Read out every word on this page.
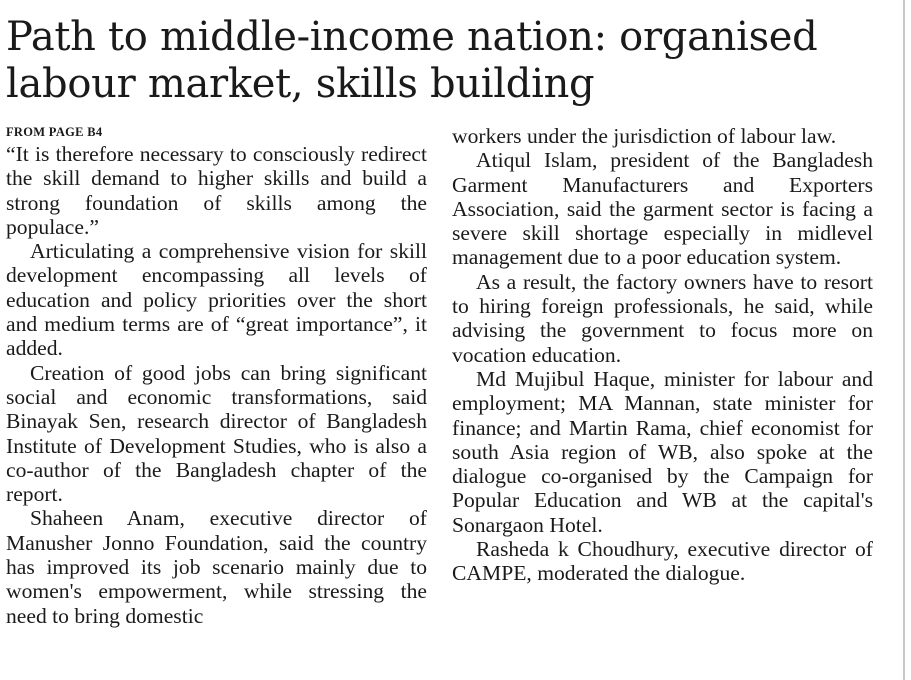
Path to middle-income nation: organised labour market, skills building
FROM PAGE B4

“It is therefore necessary to consciously redirect the skill demand to higher skills and build a strong foundation of skills among the populace.”

Articulating a comprehensive vision for skill development encompassing all levels of education and policy priorities over the short and medium terms are of “great importance”, it added.

Creation of good jobs can bring significant social and economic transformations, said Binayak Sen, research director of Bangladesh Institute of Development Studies, who is also a co-author of the Bangladesh chapter of the report.

Shaheen Anam, executive director of Manusher Jonno Foundation, said the country has improved its job scenario mainly due to women's empowerment, while stressing the need to bring domestic

workers under the jurisdiction of labour law.

Atiqul Islam, president of the Bangladesh Garment Manufacturers and Exporters Association, said the garment sector is facing a severe skill shortage especially in midlevel management due to a poor education system.

As a result, the factory owners have to resort to hiring foreign professionals, he said, while advising the government to focus more on vocation education.

Md Mujibul Haque, minister for labour and employment; MA Mannan, state minister for finance; and Martin Rama, chief economist for south Asia region of WB, also spoke at the dialogue co-organised by the Campaign for Popular Education and WB at the capital's Sonargaon Hotel.

Rasheda k Choudhury, executive director of CAMPE, moderated the dialogue.
